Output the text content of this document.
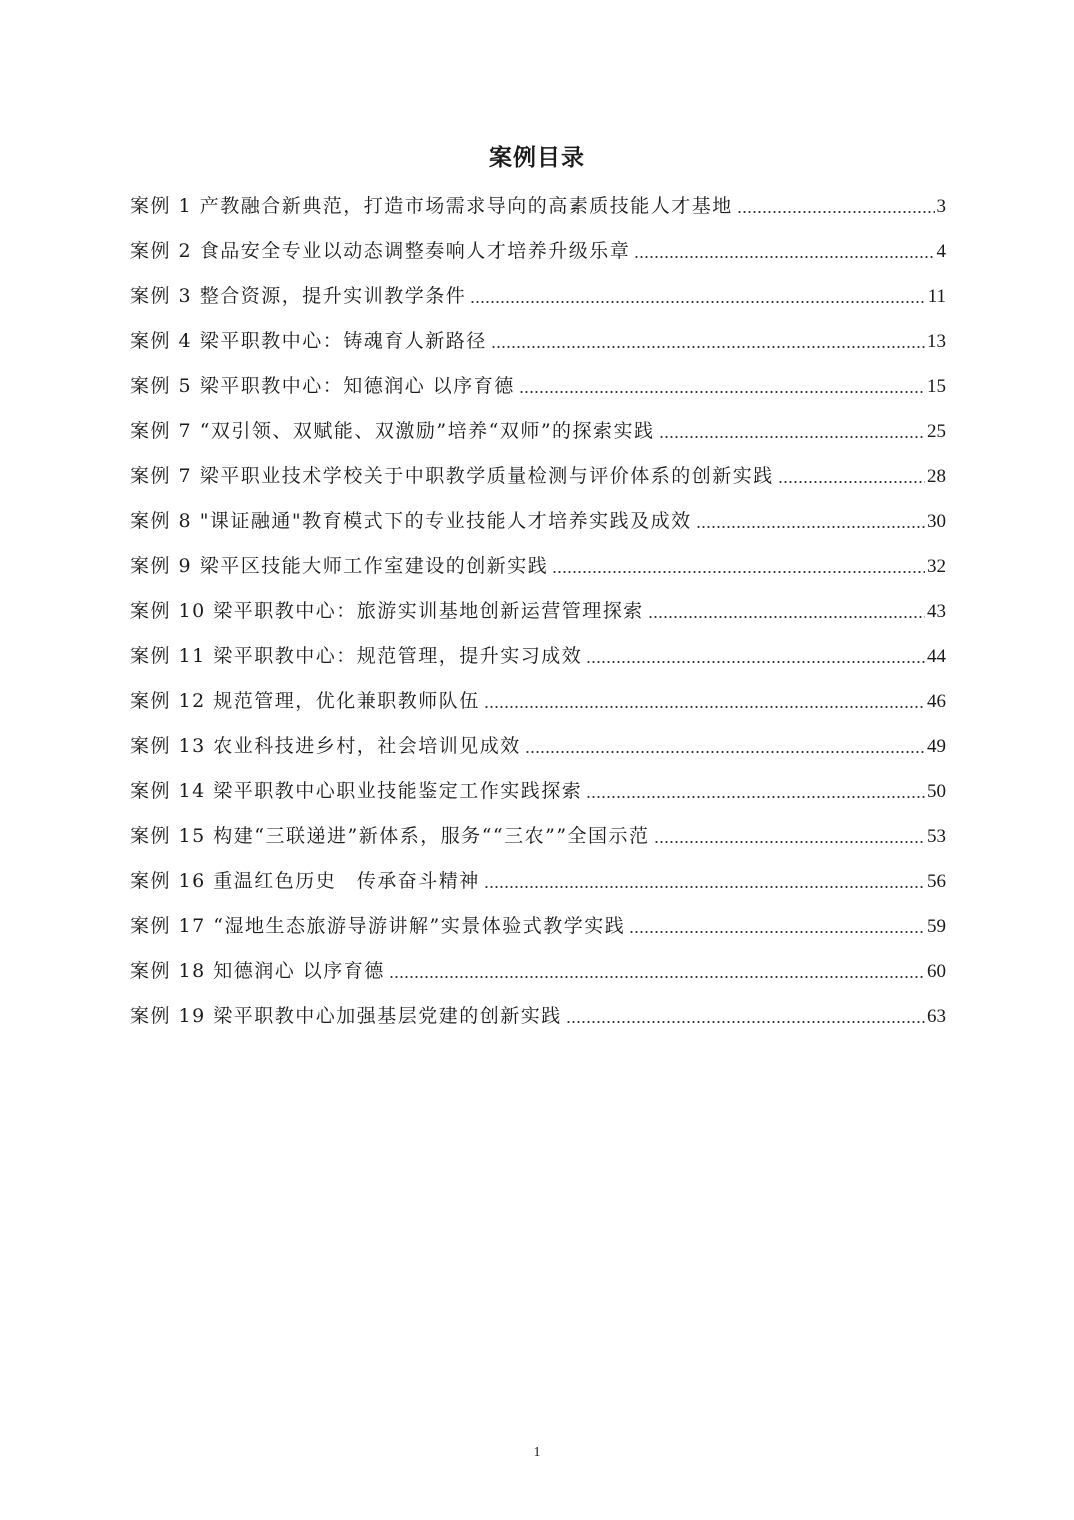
案例目录
案例 1 产教融合新典范，打造市场需求导向的高素质技能人才基地	3
案例 2 食品安全专业以动态调整奏响人才培养升级乐章	4
案例 3 整合资源，提升实训教学条件	11
案例 4 梁平职教中心：铸魂育人新路径	13
案例 5 梁平职教中心：知德润心 以序育德	15
案例 7 “双引领、双赋能、双激励”培养“双师”的探索实践	25
案例 7 梁平职业技术学校关于中职教学质量检测与评价体系的创新实践	28
案例 8 "课证融通"教育模式下的专业技能人才培养实践及成效	30
案例 9 梁平区技能大师工作室建设的创新实践	32
案例 10 梁平职教中心：旅游实训基地创新运营管理探索	43
案例 11 梁平职教中心：规范管理，提升实习成效	44
案例 12 规范管理，优化兼职教师队伍	46
案例 13 农业科技进乡村，社会培训见成效	49
案例 14 梁平职教中心职业技能鉴定工作实践探索	50
案例 15 构建“三联递进”新体系，服务““三农””全国示范	53
案例 16 重温红色历史　传承奋斗精神	56
案例 17 “湿地生态旅游导游讲解”实景体验式教学实践	59
案例 18 知德润心 以序育德	60
案例 19 梁平职教中心加强基层党建的创新实践	63
1
